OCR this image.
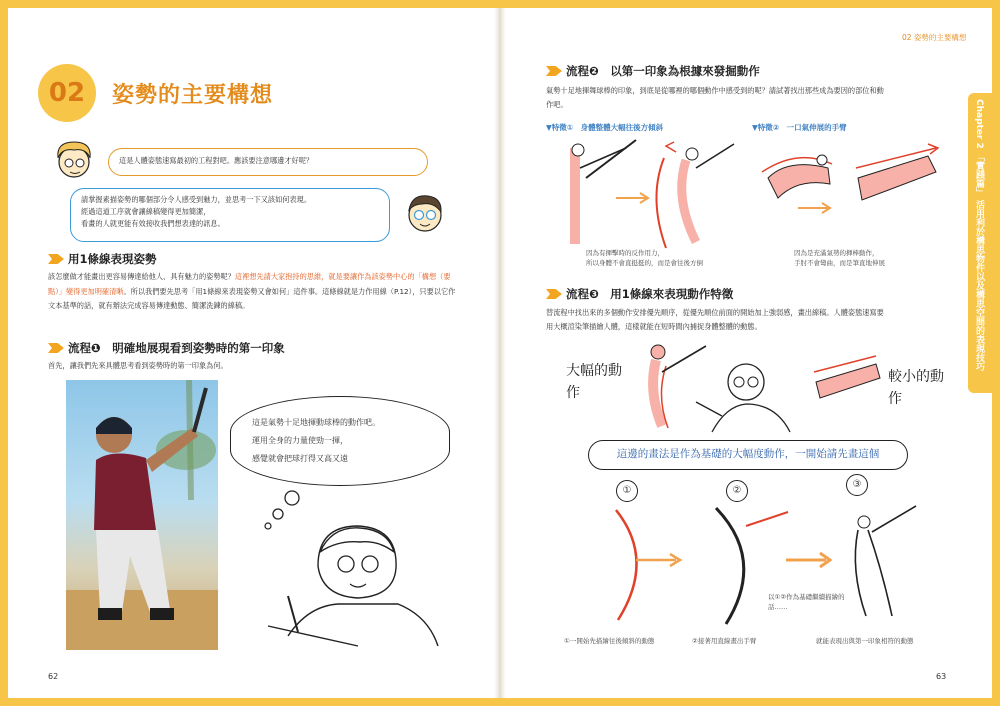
02	姿勢的主要構想
這是人體姿態速寫最初的工程對吧。應該要注意哪邊才好呢？
請掌握素描姿勢的哪個部分令人感受到魅力，並思考一下又該如何表現。
經過這道工序就會讓線稿變得更加簡潔，
看畫的人就更能有效接收我們想表達的訊息。
用1條線表現姿勢
該怎麼做才能畫出更容易傳達給他人、具有魅力的姿勢呢？這裡想先請大家抱持的思維，就是要讓作為該姿勢中心的「構想（要點）」變得更加明確清晰。所以我們要先思考「用1條線來表現姿勢又會如何」這件事。這條線就是力作用線（P.12），只要以它作文本基準的話，就有辦法完成容易傳達動態、簡潔洗鍊的線稿。
流程❶　明確地展現看到姿勢時的第一印象
首先，讓我們先來具體思考看到姿勢時的第一印象為何。
這是氣勢十足地揮動球棒的動作吧。
運用全身的力量使勁一揮，
感覺就會把球打得又高又遠
62
02 姿勢的主要構想
Chapter 2 「實踐篇」 活用利於構思物件以及構思空間的表現技巧
流程❷　以第一印象為根據來發掘動作
氣勢十足地揮舞球棒的印象，到底是從哪裡的哪個動作中感受到的呢？請試著找出那些成為要因的部位和動
作吧。
▼特徵①　身體整體大幅往後方傾斜	▼特徵②　一口氣伸展的手臂
因為有揮擊時的反作用力，
所以身體不會直挺挺的，而是會往後方倒
因為是充滿氣勢的揮棒動作，
手肘不會彎曲，而是筆直地伸展
流程❸　用1條線來表現動作特徵
替流程中找出來的多個動作安排優先順序，從優先順位前面的開始加上強弱感，畫出線稿。人體姿態速寫要
用大概渲染筆描繪人體，這樣就能在短時間內捕捉身體整體的動態。
大幅的動作
較小的動作
這邊的畫法是作為基礎的大幅度動作，一開始請先畫這個
①	②
③
以①②作為基礎繼續描繪的話……
①一開始先描繪往後傾斜的動態	②接著用直線畫出手臂	就能表現出與第一印象相符的動態
63
